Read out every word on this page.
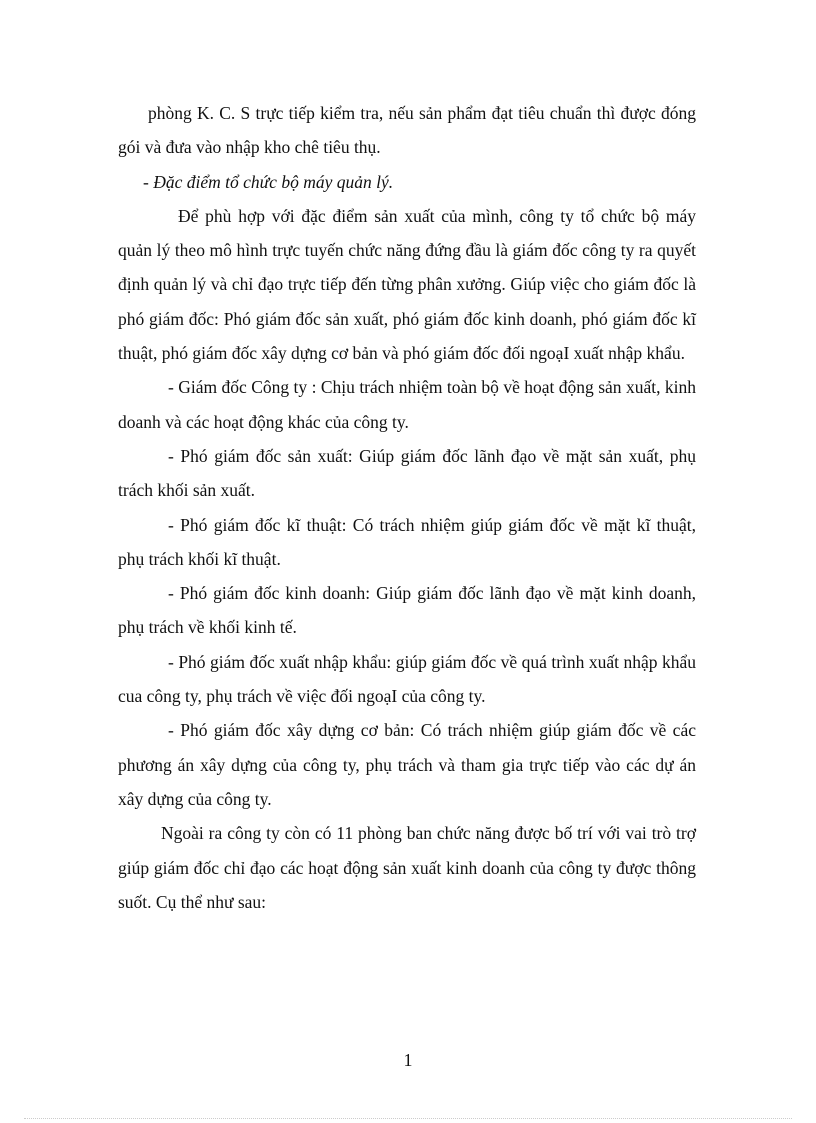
phòng K. C. S trực tiếp kiểm tra, nếu sản phẩm đạt tiêu chuẩn thì được đóng gói và đưa vào nhập kho chê tiêu thụ.

- Đặc điểm tổ chức bộ máy quản lý.

Để phù hợp với đặc điểm sản xuất của mình, công ty tổ chức bộ máy quản lý theo mô hình trực tuyến chức năng đứng đầu là giám đốc công ty ra quyết định quản lý và chỉ đạo trực tiếp đến từng phân xưởng. Giúp việc cho giám đốc là phó giám đốc: Phó giám đốc sản xuất, phó giám đốc kinh doanh, phó giám đốc kĩ thuật, phó giám đốc xây dựng cơ bản và phó giám đốc đối ngoạI xuất nhập khẩu.

- Giám đốc Công ty : Chịu trách nhiệm toàn bộ về hoạt động sản xuất, kinh doanh và các hoạt động khác của công ty.

- Phó giám đốc sản xuất: Giúp giám đốc lãnh đạo về mặt sản xuất, phụ trách khối sản xuất.

- Phó giám đốc kĩ thuật: Có trách nhiệm giúp giám đốc về mặt kĩ thuật, phụ trách khối kĩ thuật.

- Phó giám đốc kinh doanh: Giúp giám đốc lãnh đạo về mặt kinh doanh, phụ trách về khối kinh tế.

- Phó giám đốc xuất nhập khẩu: giúp giám đốc về quá trình xuất nhập khẩu cua công ty, phụ trách về việc đối ngoạI của công ty.

- Phó giám đốc xây dựng cơ bản: Có trách nhiệm giúp giám đốc về các phương án xây dựng của công ty, phụ trách và tham gia trực tiếp vào các dự án xây dựng của công ty.

Ngoài ra công ty còn có 11 phòng ban chức năng được bố trí với vai trò trợ giúp giám đốc chỉ đạo các hoạt động sản xuất kinh doanh của công ty được thông suốt. Cụ thể như sau:

1
